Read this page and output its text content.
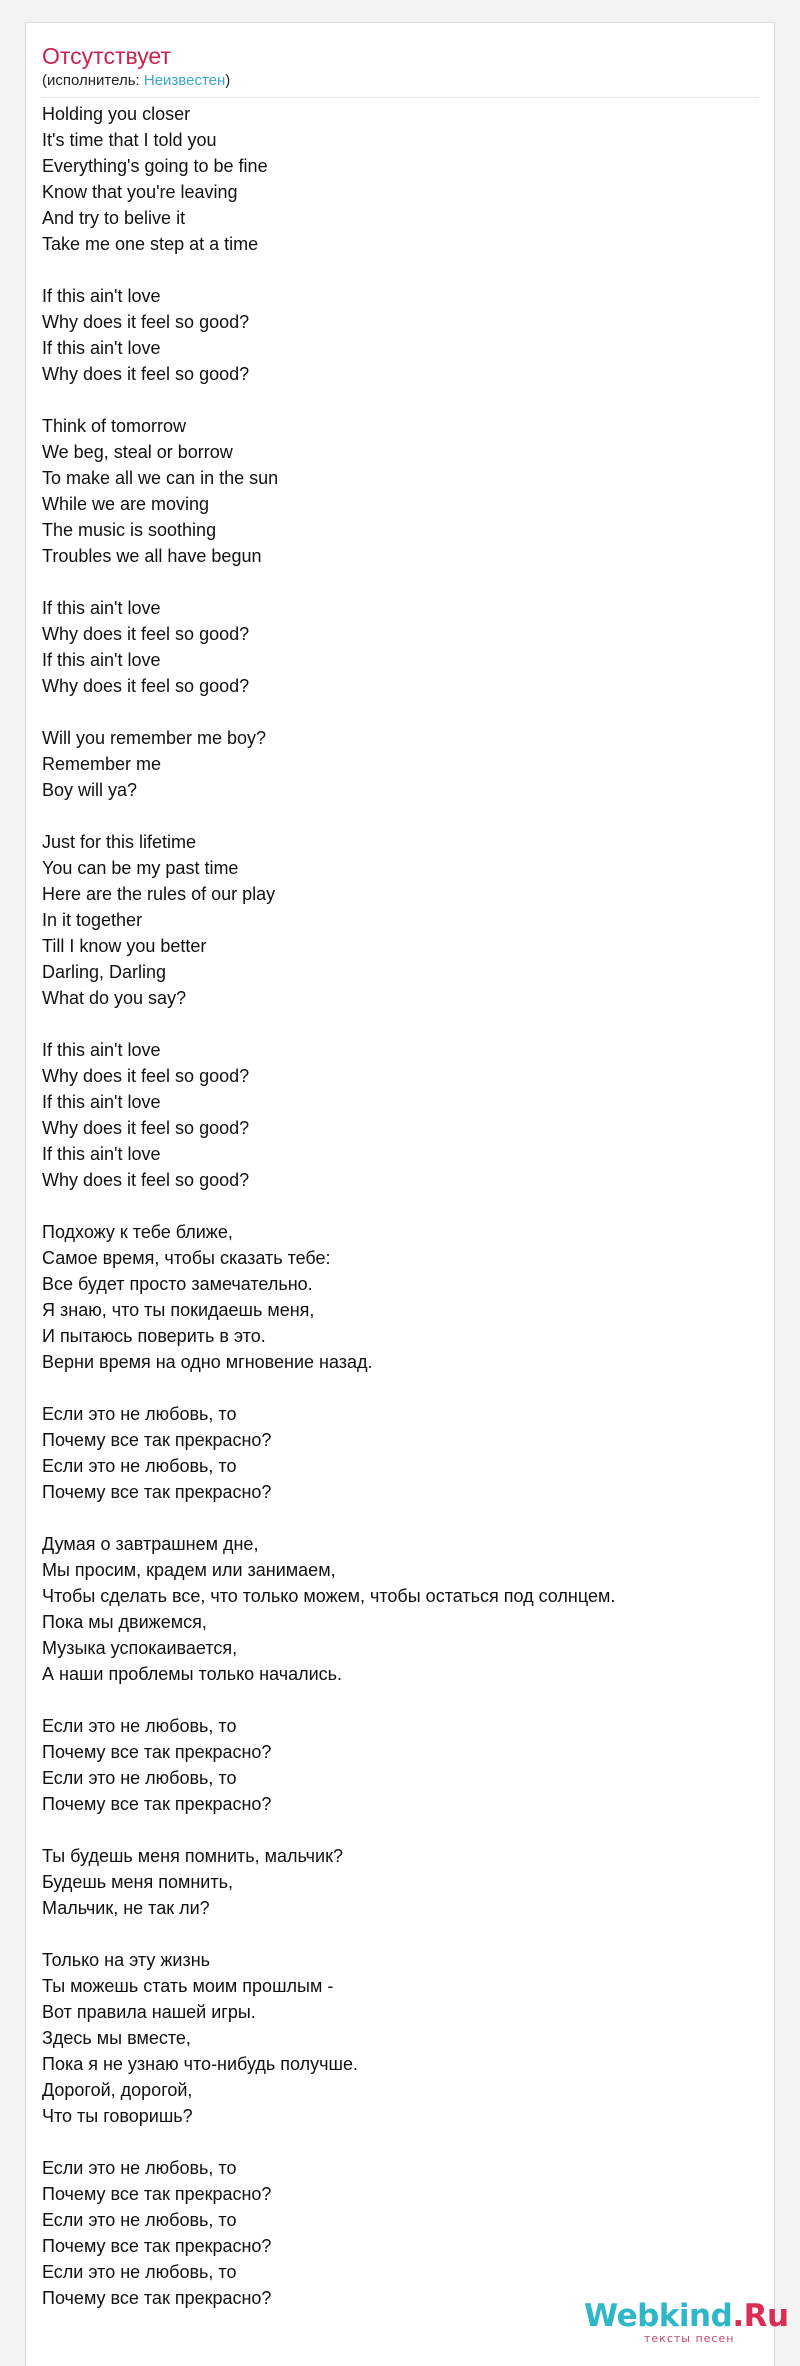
Отсутствует
(исполнитель: Неизвестен)
Holding you closer
It's time that I told you
Everything's going to be fine
Know that you're leaving
And try to belive it
Take me one step at a time
If this ain't love
Why does it feel so good?
If this ain't love
Why does it feel so good?
Think of tomorrow
We beg, steal or borrow
To make all we can in the sun
While we are moving
The music is soothing
Troubles we all have begun
If this ain't love
Why does it feel so good?
If this ain't love
Why does it feel so good?
Will you remember me boy?
Remember me
Boy will ya?
Just for this lifetime
You can be my past time
Here are the rules of our play
In it together
Till I know you better
Darling, Darling
What do you say?
If this ain't love
Why does it feel so good?
If this ain't love
Why does it feel so good?
If this ain't love
Why does it feel so good?
Подхожу к тебе ближе,
Самое время, чтобы сказать тебе:
Все будет просто замечательно.
Я знаю, что ты покидаешь меня,
И пытаюсь поверить в это.
Верни время на одно мгновение назад.
Если это не любовь, то
Почему все так прекрасно?
Если это не любовь, то
Почему все так прекрасно?
Думая о завтрашнем дне,
Мы просим, крадем или занимаем,
Чтобы сделать все, что только можем, чтобы остаться под солнцем.
Пока мы движемся,
Музыка успокаивается,
А наши проблемы только начались.
Если это не любовь, то
Почему все так прекрасно?
Если это не любовь, то
Почему все так прекрасно?
Ты будешь меня помнить, мальчик?
Будешь меня помнить,
Мальчик, не так ли?
Только на эту жизнь
Ты можешь стать моим прошлым -
Вот правила нашей игры.
Здесь мы вместе,
Пока я не узнаю что-нибудь получше.
Дорогой, дорогой,
Что ты говоришь?
Если это не любовь, то
Почему все так прекрасно?
Если это не любовь, то
Почему все так прекрасно?
Если это не любовь, то
Почему все так прекрасно?	Webkind.Ru
тексты песен
